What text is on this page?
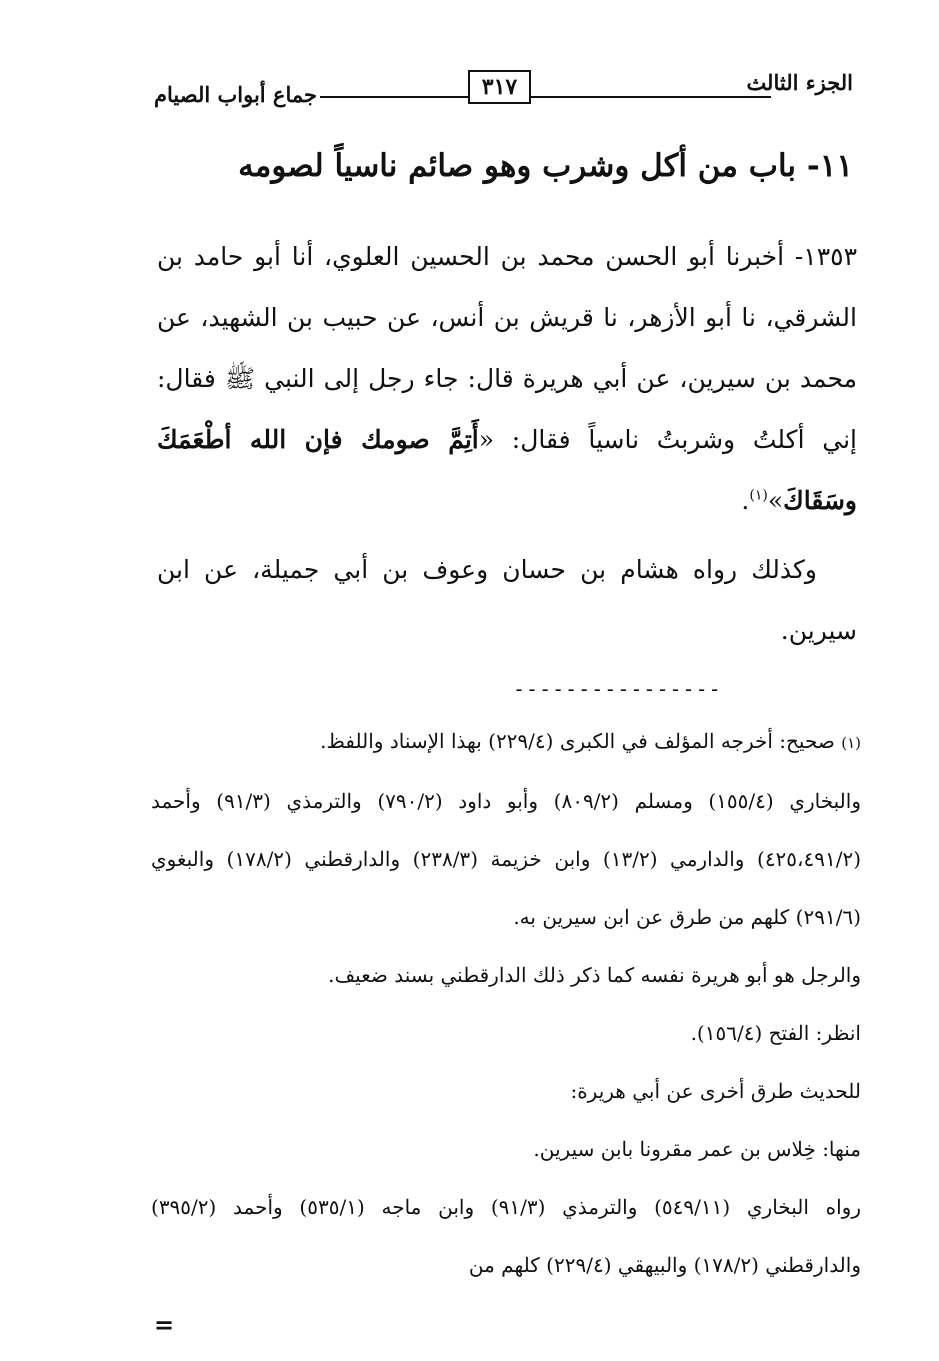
الجزء الثالث
٣١٧
جماع أبواب الصيام
١١- باب من أكل وشرب وهو صائم ناسياً لصومه

١٣٥٣- أخبرنا أبو الحسن محمد بن الحسين العلوي، أنا أبو حامد بن الشرقي، نا أبو الأزهر، نا قريش بن أنس، عن حبيب بن الشهيد، عن محمد بن سيرين، عن أبي هريرة قال: جاء رجل إلى النبي ﷺ فقال: إني أكلتُ وشربتُ ناسياً فقال: «أَتِمَّ صومك فإن الله أطْعَمَكَ وسَقَاكَ»$^{(١)}$.

وكذلك رواه هشام بن حسان وعوف بن أبي جميلة، عن ابن سيرين.

----------------

(١) صحيح: أخرجه المؤلف في الكبرى (٢٢٩/٤) بهذا الإسناد واللفظ.

والبخاري (١٥٥/٤) ومسلم (٨٠٩/٢) وأبو داود (٧٩٠/٢) والترمذي (٩١/٣) وأحمد (٤٢٥،٤٩١/٢) والدارمي (١٣/٢) وابن خزيمة (٢٣٨/٣) والدارقطني (١٧٨/٢) والبغوي (٢٩١/٦) كلهم من طرق عن ابن سيرين به.

والرجل هو أبو هريرة نفسه كما ذكر ذلك الدارقطني بسند ضعيف.

انظر: الفتح (١٥٦/٤).

للحديث طرق أخرى عن أبي هريرة:

منها: خِلاس بن عمر مقرونا بابن سيرين.

رواه البخاري (٥٤٩/١١) والترمذي (٩١/٣) وابن ماجه (٥٣٥/١) وأحمد (٣٩٥/٢) والدارقطني (١٧٨/٢) والبيهقي (٢٢٩/٤) كلهم من

=
